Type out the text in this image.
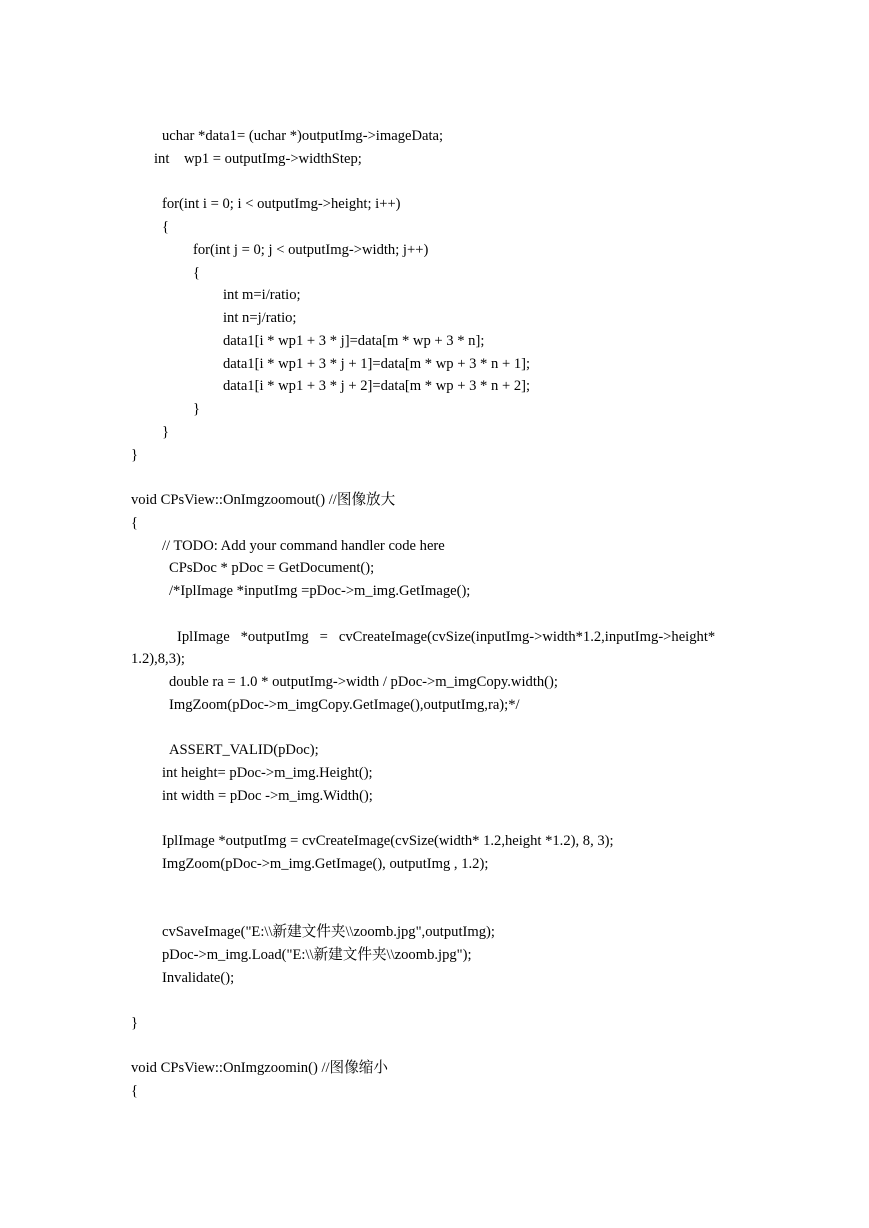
uchar *data1= (uchar *)outputImg->imageData;
int    wp1 = outputImg->widthStep;
for(int i = 0; i < outputImg->height; i++)
{
for(int j = 0; j < outputImg->width; j++)
{
int m=i/ratio;
int n=j/ratio;
data1[i * wp1 + 3 * j]=data[m * wp + 3 * n];
data1[i * wp1 + 3 * j + 1]=data[m * wp + 3 * n + 1];
data1[i * wp1 + 3 * j + 2]=data[m * wp + 3 * n + 2];
}
}
}
void CPsView::OnImgzoomout() //图像放大
{
// TODO: Add your command handler code here
CPsDoc * pDoc = GetDocument();
/*IplImage *inputImg =pDoc->m_img.GetImage();
IplImage   *outputImg   =   cvCreateImage(cvSize(inputImg->width*1.2,inputImg->height*
1.2),8,3);
double ra = 1.0 * outputImg->width / pDoc->m_imgCopy.width();
ImgZoom(pDoc->m_imgCopy.GetImage(),outputImg,ra);*/
ASSERT_VALID(pDoc);
int height= pDoc->m_img.Height();
int width = pDoc ->m_img.Width();
IplImage *outputImg = cvCreateImage(cvSize(width* 1.2,height *1.2), 8, 3);
ImgZoom(pDoc->m_img.GetImage(), outputImg , 1.2);
cvSaveImage("E:\\新建文件夹\\zoomb.jpg",outputImg);
pDoc->m_img.Load("E:\\新建文件夹\\zoomb.jpg");
Invalidate();
}
void CPsView::OnImgzoomin() //图像缩小
{
